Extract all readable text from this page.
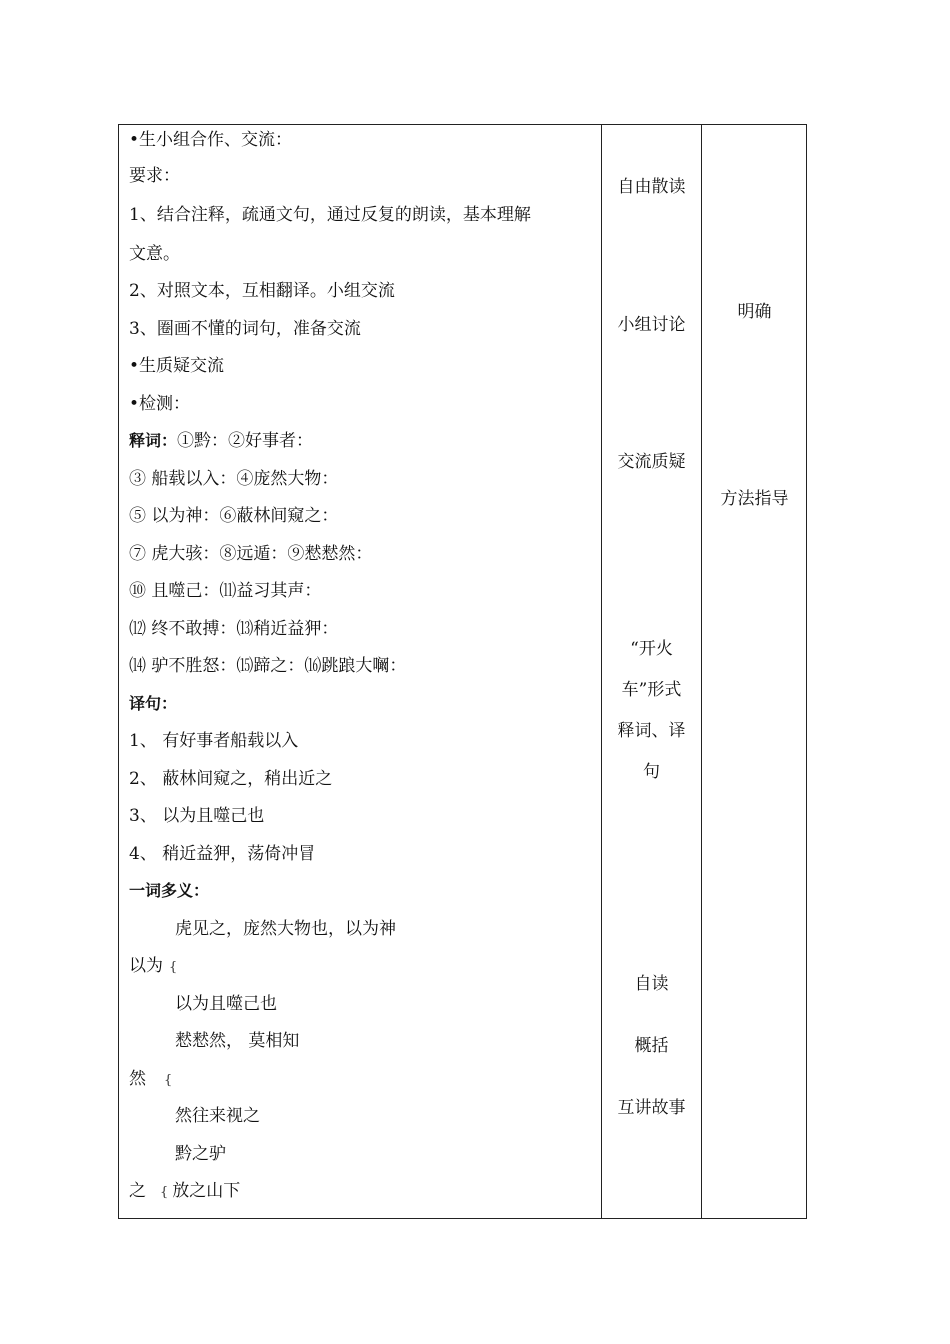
•生小组合作、交流：
要求：
1、结合注释，疏通文句，通过反复的朗读，基本理解
文意。
2、对照文本，互相翻译。小组交流
3、圈画不懂的词句，准备交流
•生质疑交流
•检测：
释词：①黔：②好事者：
③ 船载以入：④庞然大物：
⑤ 以为神：⑥蔽林间窥之：
⑦ 虎大骇：⑧远遁：⑨慭慭然：
⑩ 且噬己：⑾益习其声：
⑿ 终不敢搏：⒀稍近益狎：
⒁ 驴不胜怒：⒂蹄之：⒃跳踉大㘎：
译句：
1、 有好事者船载以入
2、 蔽林间窥之，稍出近之
3、 以为且噬己也
4、 稍近益狎，荡倚冲冒
一词多义：
虎见之，庞然大物也，以为神
以为 {
以为且噬己也
慭慭然， 莫相知
然 {
然往来视之
黔之驴
之 { 放之山下
自由散读
小组讨论
交流质疑
“开火
车”形式
释词、译
句
自读
概括
互讲故事
明确
方法指导
